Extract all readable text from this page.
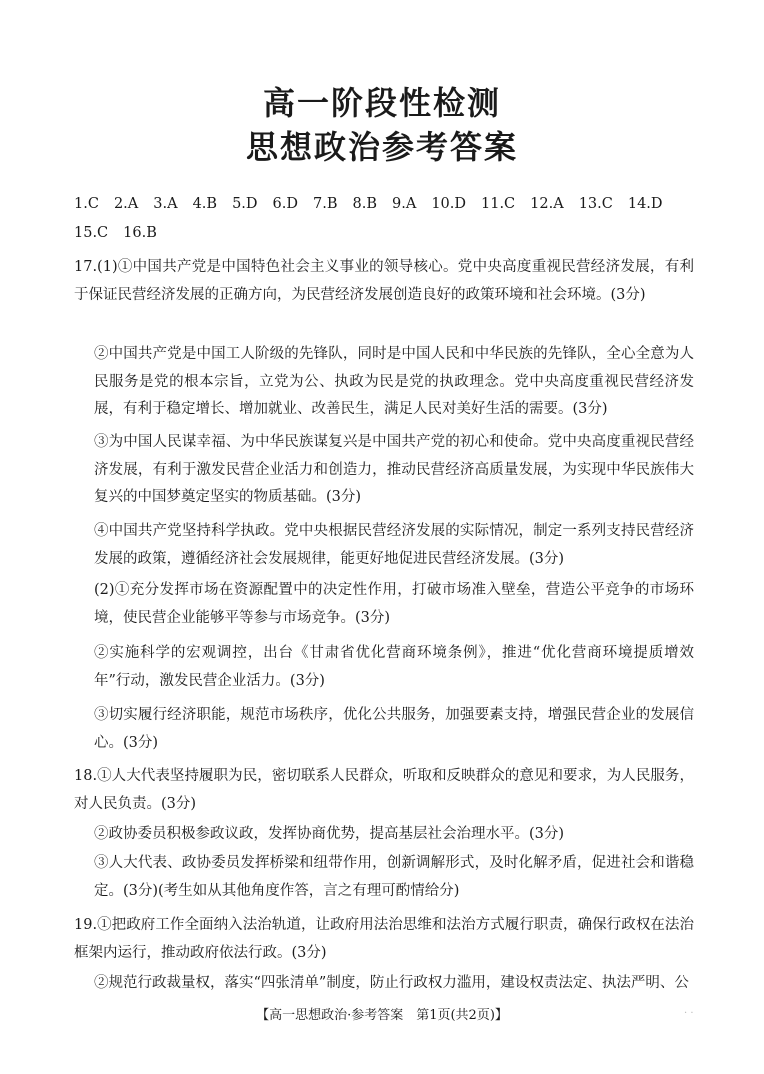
高一阶段性检测
思想政治参考答案
1.C 2.A 3.A 4.B 5.D 6.D 7.B 8.B 9.A 10.D 11.C 12.A 13.C 14.D
15.C 16.B
17.(1)①中国共产党是中国特色社会主义事业的领导核心。党中央高度重视民营经济发展，有利于保证民营经济发展的正确方向，为民营经济发展创造良好的政策环境和社会环境。(3分)
②中国共产党是中国工人阶级的先锋队，同时是中国人民和中华民族的先锋队，全心全意为人民服务是党的根本宗旨，立党为公、执政为民是党的执政理念。党中央高度重视民营经济发展，有利于稳定增长、增加就业、改善民生，满足人民对美好生活的需要。(3分)
③为中国人民谋幸福、为中华民族谋复兴是中国共产党的初心和使命。党中央高度重视民营经济发展，有利于激发民营企业活力和创造力，推动民营经济高质量发展，为实现中华民族伟大复兴的中国梦奠定坚实的物质基础。(3分)
④中国共产党坚持科学执政。党中央根据民营经济发展的实际情况，制定一系列支持民营经济发展的政策，遵循经济社会发展规律，能更好地促进民营经济发展。(3分)
(2)①充分发挥市场在资源配置中的决定性作用，打破市场准入壁垒，营造公平竞争的市场环境，使民营企业能够平等参与市场竞争。(3分)
②实施科学的宏观调控，出台《甘肃省优化营商环境条例》，推进“优化营商环境提质增效年”行动，激发民营企业活力。(3分)
③切实履行经济职能，规范市场秩序，优化公共服务，加强要素支持，增强民营企业的发展信心。(3分)
18.①人大代表坚持履职为民，密切联系人民群众，听取和反映群众的意见和要求，为人民服务，对人民负责。(3分)
②政协委员积极参政议政，发挥协商优势，提高基层社会治理水平。(3分)
③人大代表、政协委员发挥桥梁和纽带作用，创新调解形式，及时化解矛盾，促进社会和谐稳定。(3分)(考生如从其他角度作答，言之有理可酌情给分)
19.①把政府工作全面纳入法治轨道，让政府用法治思维和法治方式履行职责，确保行政权在法治框架内运行，推动政府依法行政。(3分)
②规范行政裁量权，落实“四张清单”制度，防止行政权力滥用，建设权责法定、执法严明、公
【高一思想政治·参考答案　第1页(共2页)】	· ·
